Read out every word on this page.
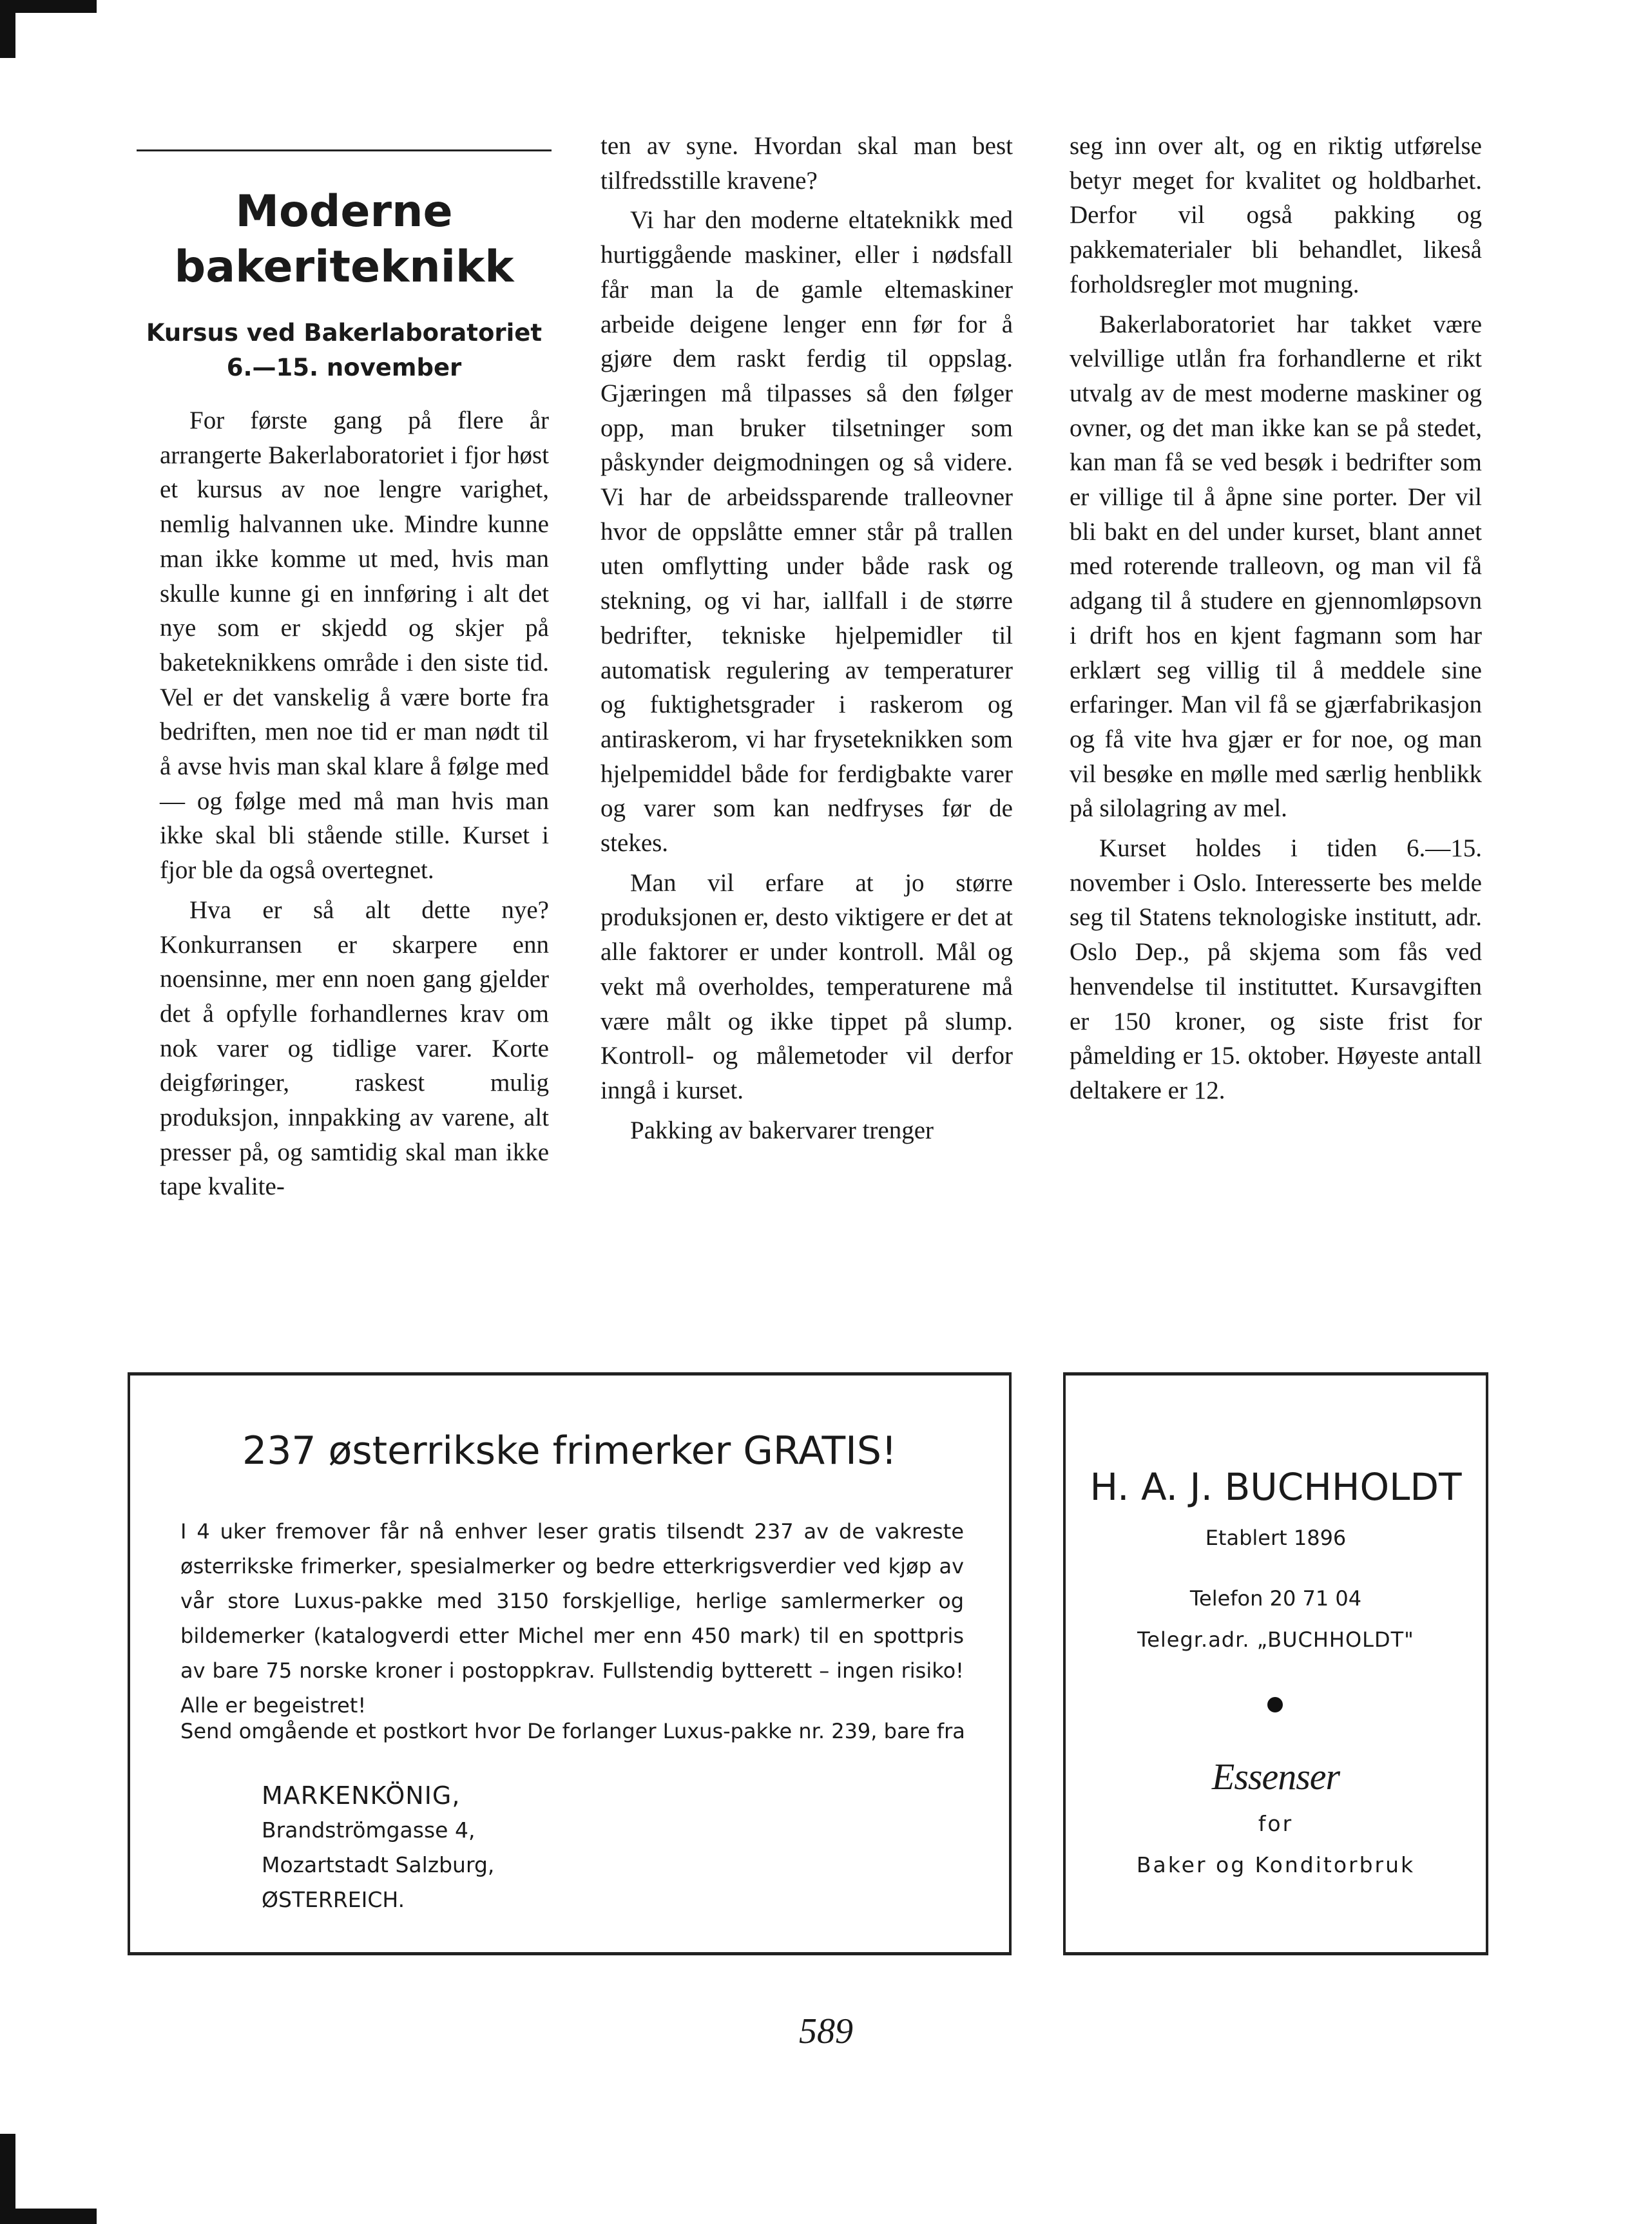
Moderne bakeriteknikk
Kursus ved Bakerlaboratoriet
6.—15. november

For første gang på flere år arrangerte Bakerlaboratoriet i fjor høst et kursus av noe lengre varighet, nemlig halvannen uke. Mindre kunne man ikke komme ut med, hvis man skulle kunne gi en innføring i alt det nye som er skjedd og skjer på baketeknikkens område i den siste tid. Vel er det vanskelig å være borte fra bedriften, men noe tid er man nødt til å avse hvis man skal klare å følge med — og følge med må man hvis man ikke skal bli stående stille. Kurset i fjor ble da også overtegnet.

Hva er så alt dette nye? Konkurransen er skarpere enn noensinne, mer enn noen gang gjelder det å opfylle forhandlernes krav om nok varer og tidlige varer. Korte deigføringer, raskest mulig produksjon, innpakking av varene, alt presser på, og samtidig skal man ikke tape kvalite-

ten av syne. Hvordan skal man best tilfredsstille kravene?

Vi har den moderne eltateknikk med hurtiggående maskiner, eller i nødsfall får man la de gamle eltemaskiner arbeide deigene lenger enn før for å gjøre dem raskt ferdig til oppslag. Gjæringen må tilpasses så den følger opp, man bruker tilsetninger som påskynder deigmodningen og så videre. Vi har de arbeidssparende tralleovner hvor de oppslåtte emner står på trallen uten omflytting under både rask og stekning, og vi har, iallfall i de større bedrifter, tekniske hjelpemidler til automatisk regulering av temperaturer og fuktighetsgrader i raskerom og antiraskerom, vi har fryseteknikken som hjelpemiddel både for ferdigbakte varer og varer som kan nedfryses før de stekes.

Man vil erfare at jo større produksjonen er, desto viktigere er det at alle faktorer er under kontroll. Mål og vekt må overholdes, temperaturene må være målt og ikke tippet på slump. Kontroll- og målemetoder vil derfor inngå i kurset.

Pakking av bakervarer trenger

seg inn over alt, og en riktig utførelse betyr meget for kvalitet og holdbarhet. Derfor vil også pakking og pakkematerialer bli behandlet, likeså forholdsregler mot mugning.

Bakerlaboratoriet har takket være velvillige utlån fra forhandlerne et rikt utvalg av de mest moderne maskiner og ovner, og det man ikke kan se på stedet, kan man få se ved besøk i bedrifter som er villige til å åpne sine porter. Der vil bli bakt en del under kurset, blant annet med roterende tralleovn, og man vil få adgang til å studere en gjennomløpsovn i drift hos en kjent fagmann som har erklært seg villig til å meddele sine erfaringer. Man vil få se gjærfabrikasjon og få vite hva gjær er for noe, og man vil besøke en mølle med særlig henblikk på silolagring av mel.

Kurset holdes i tiden 6.—15. november i Oslo. Interesserte bes melde seg til Statens teknologiske institutt, adr. Oslo Dep., på skjema som fås ved henvendelse til instituttet. Kursavgiften er 150 kroner, og siste frist for påmelding er 15. oktober. Høyeste antall deltakere er 12.

237 østerrikske frimerker GRATIS!

I 4 uker fremover får nå enhver leser gratis tilsendt 237 av de vakreste østerrikske frimerker, spesialmerker og bedre etterkrigsverdier ved kjøp av vår store Luxus-pakke med 3150 forskjellige, herlige samlermerker og bildemerker (katalogverdi etter Michel mer enn 450 mark) til en spottpris av bare 75 norske kroner i postoppkrav. Fullstendig bytterett – ingen risiko! Alle er begeistret!

Send omgående et postkort hvor De forlanger Luxus-pakke nr. 239, bare fra

MARKENKÖNIG,
Brandströmgasse 4,
Mozartstadt Salzburg,
ØSTERREICH.

H. A. J. BUCHHOLDT

Etablert 1896

Telefon 20 71 04

Telegr.adr. „BUCHHOLDT"

Essenser

for

Baker og Konditorbruk

589
